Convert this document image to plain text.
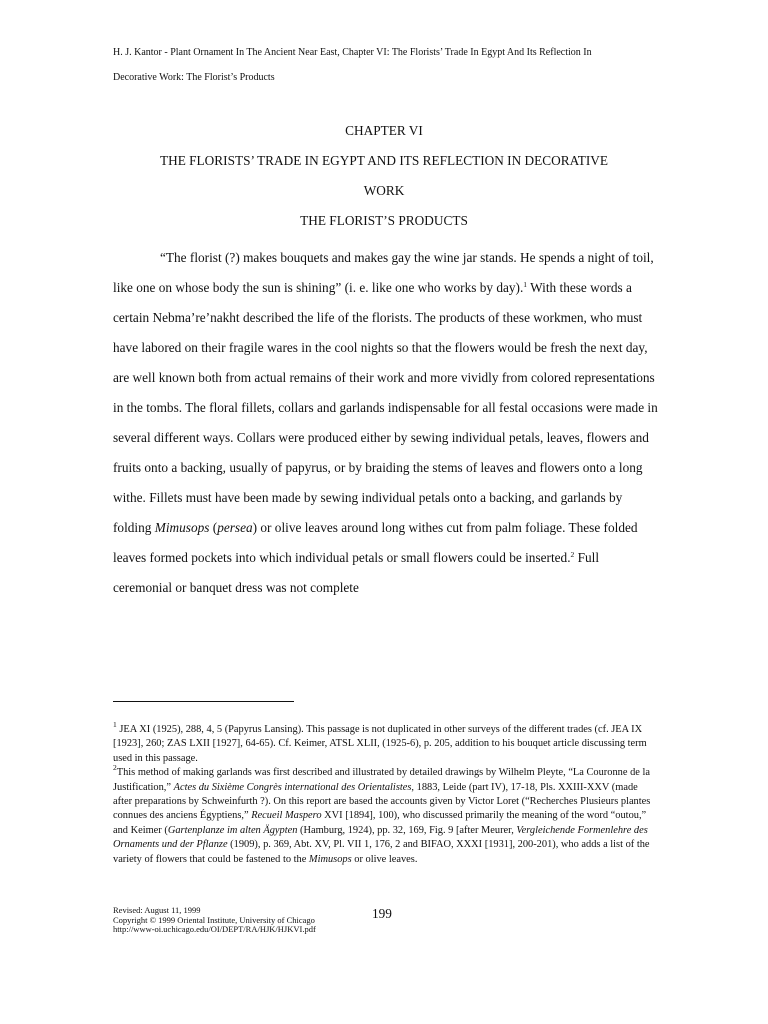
H. J. Kantor - Plant Ornament In The Ancient Near East, Chapter VI: The Florists’ Trade In Egypt And Its Reflection In
Decorative Work: The Florist’s Products
CHAPTER VI
THE FLORISTS’ TRADE IN EGYPT AND ITS REFLECTION IN DECORATIVE
WORK
THE FLORIST’S PRODUCTS

“The florist (?) makes bouquets and makes gay the wine jar stands. He spends a night of toil, like one on whose body the sun is shining” (i. e. like one who works by day).$^1$ With these words a certain Nebma’re’nakht described the life of the florists. The products of these workmen, who must have labored on their fragile wares in the cool nights so that the flowers would be fresh the next day, are well known both from actual remains of their work and more vividly from colored representations in the tombs. The floral fillets, collars and garlands indispensable for all festal occasions were made in several different ways. Collars were produced either by sewing individual petals, leaves, flowers and fruits onto a backing, usually of papyrus, or by braiding the stems of leaves and flowers onto a long withe. Fillets must have been made by sewing individual petals onto a backing, and garlands by folding Mimusops (persea) or olive leaves around long withes cut from palm foliage. These folded leaves formed pockets into which individual petals or small flowers could be inserted.$^2$ Full ceremonial or banquet dress was not complete

$^1$ JEA XI (1925), 288, 4, 5 (Papyrus Lansing). This passage is not duplicated in other surveys of the different trades (cf. JEA IX [1923], 260; ZAS LXII [1927], 64-65). Cf. Keimer, ATSL XLII, (1925-6), p. 205, addition to his bouquet article discussing term used in this passage.

$^2$This method of making garlands was first described and illustrated by detailed drawings by Wilhelm Pleyte, “La Couronne de la Justification,” Actes du Sixième Congrès international des Orientalistes, 1883, Leide (part IV), 17-18, Pls. XXIII-XXV (made after preparations by Schweinfurth ?). On this report are based the accounts given by Victor Loret (“Recherches Plusieurs plantes connues des anciens Égyptiens,” Recueil Maspero XVI [1894], 100), who discussed primarily the meaning of the word “outou,” and Keimer (Gartenplanze im alten Ägypten (Hamburg, 1924), pp. 32, 169, Fig. 9 [after Meurer, Vergleichende Formenlehre des Ornaments und der Pflanze (1909), p. 369, Abt. XV, Pl. VII 1, 176, 2 and BIFAO, XXXI [1931], 200-201), who adds a list of the variety of flowers that could be fastened to the Mimusops or olive leaves.

Revised: August 11, 1999
Copyright © 1999 Oriental Institute, University of Chicago
http://www-oi.uchicago.edu/OI/DEPT/RA/HJK/HJKVI.pdf
199
